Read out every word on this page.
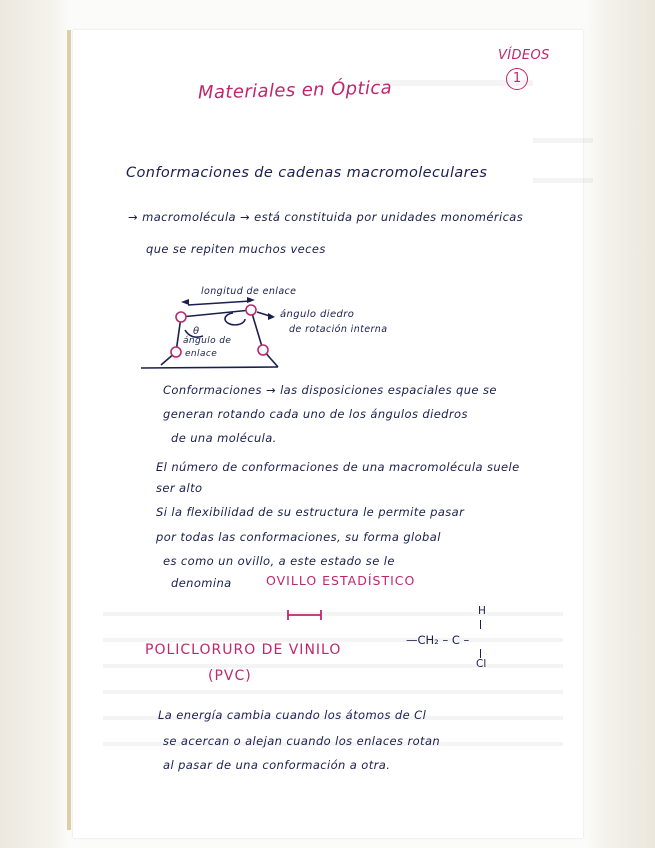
VÍDEOS
1
Materiales en Óptica
Conformaciones de cadenas macromoleculares
→ macromolécula → está constituida por unidades monoméricas
que se repiten muchos veces
longitud de enlace
ángulo diedro
de rotación interna
θ
ángulo de
enlace
Conformaciones → las disposiciones espaciales que se
generan rotando cada uno de los ángulos diedros
de una molécula.
El número de conformaciones de una macromolécula suele
ser alto
Si la flexibilidad de su estructura le permite pasar
por todas las conformaciones, su forma global
es como un ovillo, a este estado se le
denomina	OVILLO ESTADÍSTICO
POLICLORURO DE VINILO
(PVC)
H
—CH₂ – C –
Cl
La energía cambia cuando los átomos de Cl
se acercan o alejan cuando los enlaces rotan
al pasar de una conformación a otra.
